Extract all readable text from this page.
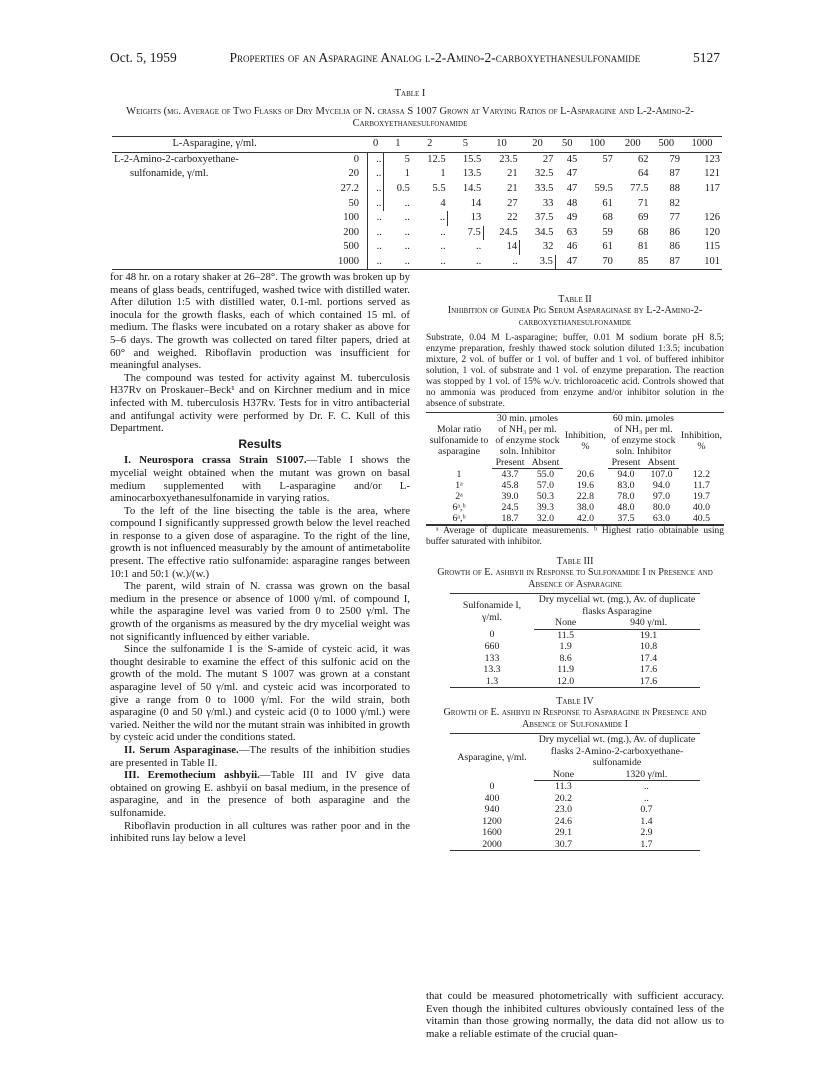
Oct. 5, 1959	Properties of an Asparagine Analog l-2-Amino-2-carboxyethanesulfonamide	5127
Table I
Weights (mg. Average of Two Flasks of Dry Mycelia of N. crassa S 1007 Grown at Varying Ratios of L-Asparagine and L-2-Amino-2-Carboxyethanesulfonamide
L-Asparagine, γ/ml.		0	1	2	5	10	20	50	100	200	500	1000
L-2-Amino-2-carboxyethane-	0	..	5	12.5	15.5	23.5	27	45	57	62	79	123
sulfonamide, γ/ml.	20	..	1	1	13.5	21	32.5	47		64	87	121
	27.2	..	0.5	5.5	14.5	21	33.5	47	59.5	77.5	88	117
	50	..	..	4	14	27	33	48	61	71	82	
	100	..	..	..	13	22	37.5	49	68	69	77	126
	200	..	..	..	7.5	24.5	34.5	63	59	68	86	120
	500	..	..	..	..	14	32	46	61	81	86	115
	1000	..	..	..	..	..	3.5	47	70	85	87	101

for 48 hr. on a rotary shaker at 26–28°. The growth was broken up by means of glass beads, centrifuged, washed twice with distilled water. After dilution 1:5 with distilled water, 0.1-ml. portions served as inocula for the growth flasks, each of which contained 15 ml. of medium. The flasks were incubated on a rotary shaker as above for 5–6 days. The growth was collected on tared filter papers, dried at 60° and weighed. Riboflavin production was insufficient for meaningful analyses.

The compound was tested for activity against M. tuberculosis H37Rv on Proskauer–Beck¹ and on Kirchner medium and in mice infected with M. tuberculosis H37Rv. Tests for in vitro antibacterial and antifungal activity were performed by Dr. F. C. Kull of this Department.

Results

I. Neurospora crassa Strain S1007.—Table I shows the mycelial weight obtained when the mutant was grown on basal medium supplemented with L-asparagine and/or L-aminocarboxyethanesulfonamide in varying ratios.

To the left of the line bisecting the table is the area, where compound I significantly suppressed growth below the level reached in response to a given dose of asparagine. To the right of the line, growth is not influenced measurably by the amount of antimetabolite present. The effective ratio sulfonamide: asparagine ranges between 10:1 and 50:1 (w.)/(w.)

The parent, wild strain of N. crassa was grown on the basal medium in the presence or absence of 1000 γ/ml. of compound I, while the asparagine level was varied from 0 to 2500 γ/ml. The growth of the organisms as measured by the dry mycelial weight was not significantly influenced by either variable.

Since the sulfonamide I is the S-amide of cysteic acid, it was thought desirable to examine the effect of this sulfonic acid on the growth of the mold. The mutant S 1007 was grown at a constant asparagine level of 50 γ/ml. and cysteic acid was incorporated to give a range from 0 to 1000 γ/ml. For the wild strain, both asparagine (0 and 50 γ/ml.) and cysteic acid (0 to 1000 γ/ml.) were varied. Neither the wild nor the mutant strain was inhibited in growth by cysteic acid under the conditions stated.

II. Serum Asparaginase.—The results of the inhibition studies are presented in Table II.

III. Eremothecium ashbyii.—Table III and IV give data obtained on growing E. ashbyii on basal medium, in the presence of asparagine, and in the presence of both asparagine and the sulfonamide.

Riboflavin production in all cultures was rather poor and in the inhibited runs lay below a level

Table II
Inhibition of Guinea Pig Serum Asparaginase by L-2-Amino-2-carboxyethanesulfonamide
Substrate, 0.04 M L-asparagine; buffer, 0.01 M sodium borate pH 8.5; enzyme preparation, freshly thawed stock solution diluted 1:3.5; incubation mixture, 2 vol. of buffer or 1 vol. of buffer and 1 vol. of buffered inhibitor solution, 1 vol. of substrate and 1 vol. of enzyme preparation. The reaction was stopped by 1 vol. of 15% w./v. trichloroacetic acid. Controls showed that no ammonia was produced from enzyme and/or inhibitor solution in the absence of substrate.
Molar ratio sulfonamide to asparagine	30 min. μmoles of NH₃ per ml. of enzyme stock soln. Inhibitor		Inhibition, %	60 min. μmoles of NH₃ per ml. of enzyme stock soln. Inhibitor		Inhibition, %
	Present	Absent		Present	Absent	
1	43.7	55.0	20.6	94.0	107.0	12.2
1ᵃ	45.8	57.0	19.6	83.0	94.0	11.7
2ᵃ	39.0	50.3	22.8	78.0	97.0	19.7
6ᵃ,ᵇ	24.5	39.3	38.0	48.0	80.0	40.0
6ᵃ,ᵇ	18.7	32.0	42.0	37.5	63.0	40.5
ᵃ Average of duplicate measurements. ᵇ Highest ratio obtainable using buffer saturated with inhibitor.
Table III
Growth of E. ashbyii in Response to Sulfonamide I in Presence and Absence of Asparagine
Sulfonamide I, γ/ml.	Dry mycelial wt. (mg.), Av. of duplicate flasks Asparagine	
	None	940 γ/ml.
0	11.5	19.1
660	1.9	10.8
133	8.6	17.4
13.3	11.9	17.6
1.3	12.0	17.6
Table IV
Growth of E. ashbyii in Response to Asparagine in Presence and Absence of Sulfonamide I
Asparagine, γ/ml.	Dry mycelial wt. (mg.), Av. of duplicate flasks 2-Amino-2-carboxyethane-sulfonamide	
	None	1320 γ/ml.
0	11.3	..
400	20.2	..
940	23.0	0.7
1200	24.6	1.4
1600	29.1	2.9
2000	30.7	1.7
that could be measured photometrically with sufficient accuracy. Even though the inhibited cultures obviously contained less of the vitamin than those growing normally, the data did not allow us to make a reliable estimate of the crucial quan-
